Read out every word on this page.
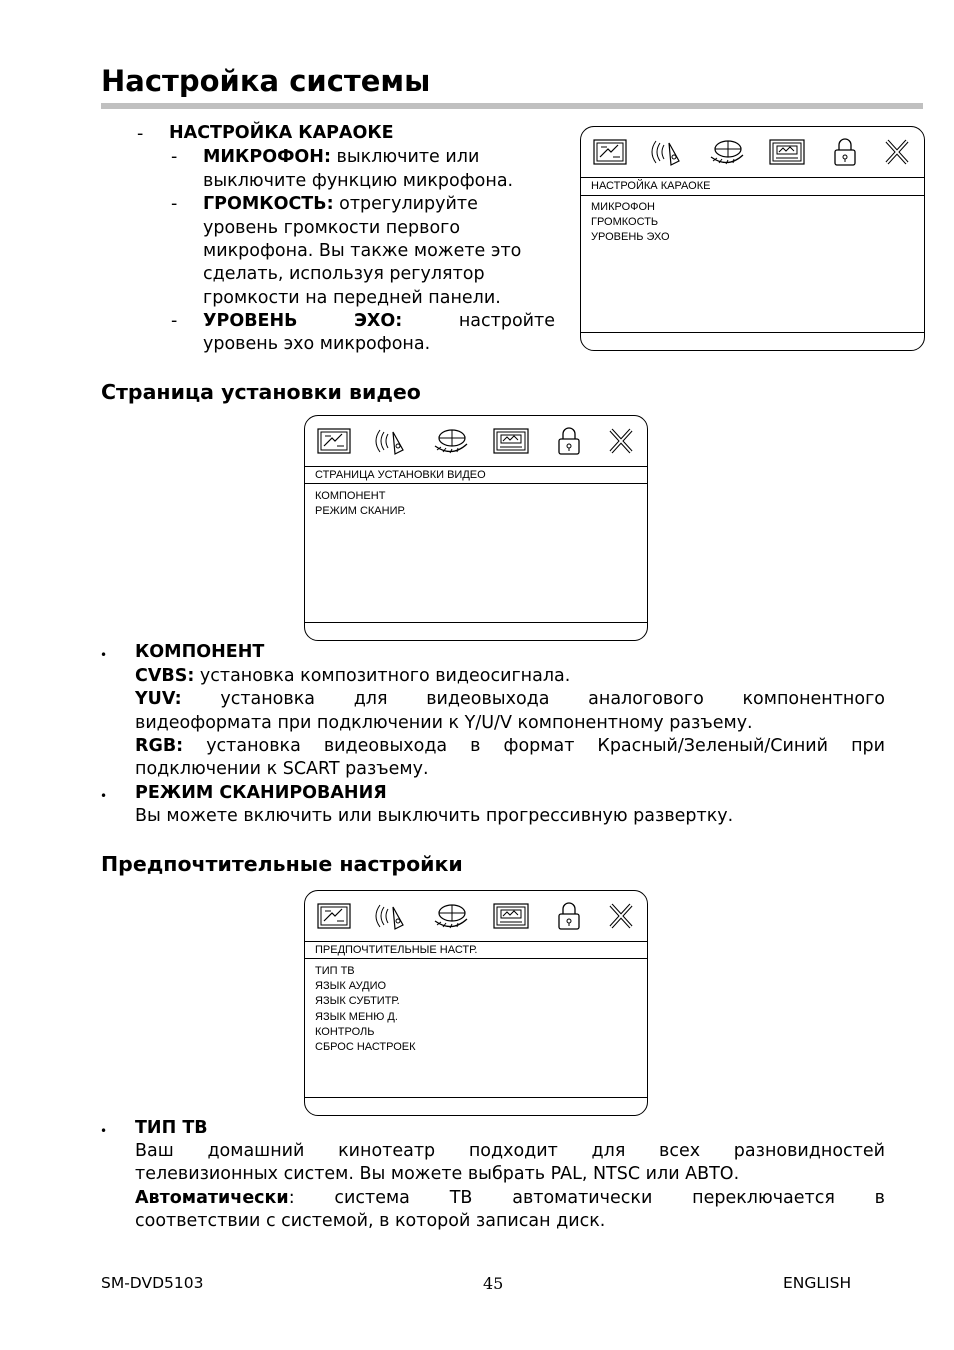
Настройка системы
- НАСТРОЙКА КАРАОКЕ
- МИКРОФОН: выключите или
выключите функцию микрофона.
- ГРОМКОСТЬ: отрегулируйте
уровень громкости первого
микрофона. Вы также можете это
сделать, используя регулятор
громкости на передней панели.
- УРОВЕНЬ	ЭХО:	настройте
уровень эхо микрофона.
НАСТРОЙКА КАРАОКЕ
МИКРОФОН
ГРОМКОСТЬ
УРОВЕНЬ ЭХО
Страница установки видео
СТРАНИЦА УСТАНОВКИ ВИДЕО
КОМПОНЕНТ
РЕЖИМ СКАНИР.
• КОМПОНЕНТ
CVBS: установка композитного видеосигнала.
YUV: установка для видеовыхода аналогового компонентного
видеоформата при подключении к Y/U/V компонентному разъему.
RGB: установка видеовыхода в формат Красный/Зеленый/Синий при
подключении к SCART разъему.
• РЕЖИМ СКАНИРОВАНИЯ
Вы можете включить или выключить прогрессивную развертку.
Предпочтительные настройки
ПРЕДПОЧТИТЕЛЬНЫЕ НАСТР.
ТИП ТВ
ЯЗЫК АУДИО
ЯЗЫК СУБТИТР.
ЯЗЫК МЕНЮ Д.
КОНТРОЛЬ
СБРОС НАСТРОЕК
• ТИП ТВ
Ваш домашний кинотеатр подходит для всех разновидностей
телевизионных систем. Вы можете выбрать PAL, NTSC или АВТО.
Автоматически: система ТВ автоматически переключается в
соответствии с системой, в которой записан диск.
SM-DVD5103	45	ENGLISH
